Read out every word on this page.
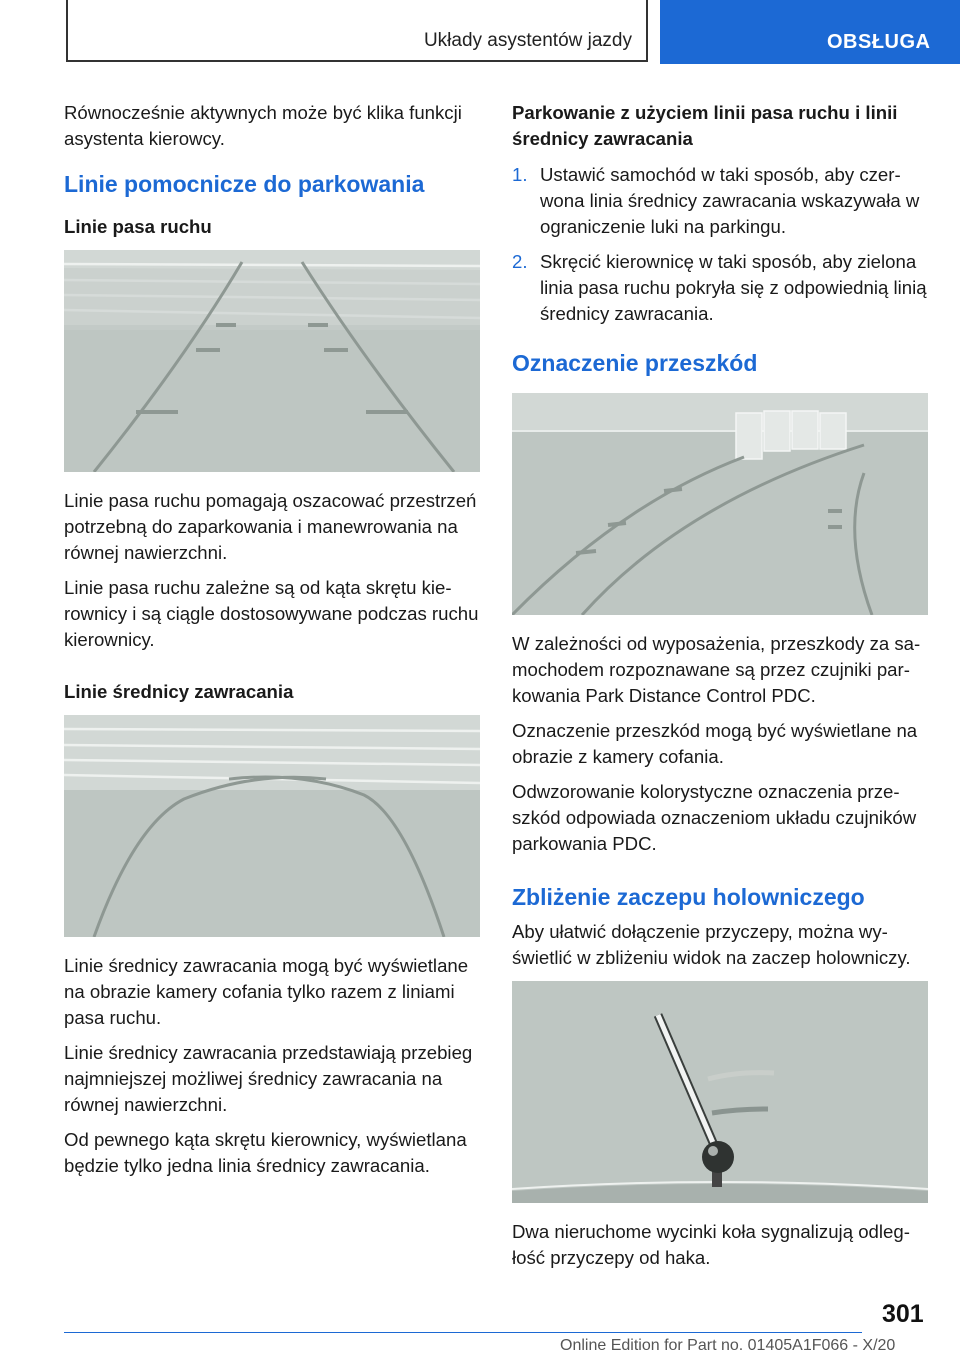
Układy asystentów jazdy	OBSŁUGA

Równocześnie aktywnych może być klika funkcji asystenta kierowcy.

Linie pomocnicze do parkowania
Linie pasa ruchu

Linie pasa ruchu pomagają oszacować przestrzeń potrzebną do zaparkowania i manewrowania na równej nawierzchni.

Linie pasa ruchu zależne są od kąta skrętu kierownicy i są ciągle dostosowywane podczas ruchu kierownicy.

Linie średnicy zawracania

Linie średnicy zawracania mogą być wyświetlane na obrazie kamery cofania tylko razem z liniami pasa ruchu.

Linie średnicy zawracania przedstawiają przebieg najmniejszej możliwej średnicy zawracania na równej nawierzchni.

Od pewnego kąta skrętu kierownicy, wyświetlana będzie tylko jedna linia średnicy zawracania.

Parkowanie z użyciem linii pasa ruchu i linii średnicy zawracania
1. Ustawić samochód w taki sposób, aby czerwona linia średnicy zawracania wskazywała w ograniczenie luki na parkingu.
2. Skręcić kierownicę w taki sposób, aby zielona linia pasa ruchu pokryła się z odpowiednią linią średnicy zawracania.
Oznaczenie przeszkód

W zależności od wyposażenia, przeszkody za samochodem rozpoznawane są przez czujniki parkowania Park Distance Control PDC.

Oznaczenie przeszkód mogą być wyświetlane na obrazie z kamery cofania.

Odwzorowanie kolorystyczne oznaczenia przeszkód odpowiada oznaczeniom układu czujników parkowania PDC.

Zbliżenie zaczepu holowniczego

Aby ułatwić dołączenie przyczepy, można wyświetlić w zbliżeniu widok na zaczep holowniczy.

Dwa nieruchome wycinki koła sygnalizują odległość przyczepy od haka.

301
Online Edition for Part no. 01405A1F066 - X/20
